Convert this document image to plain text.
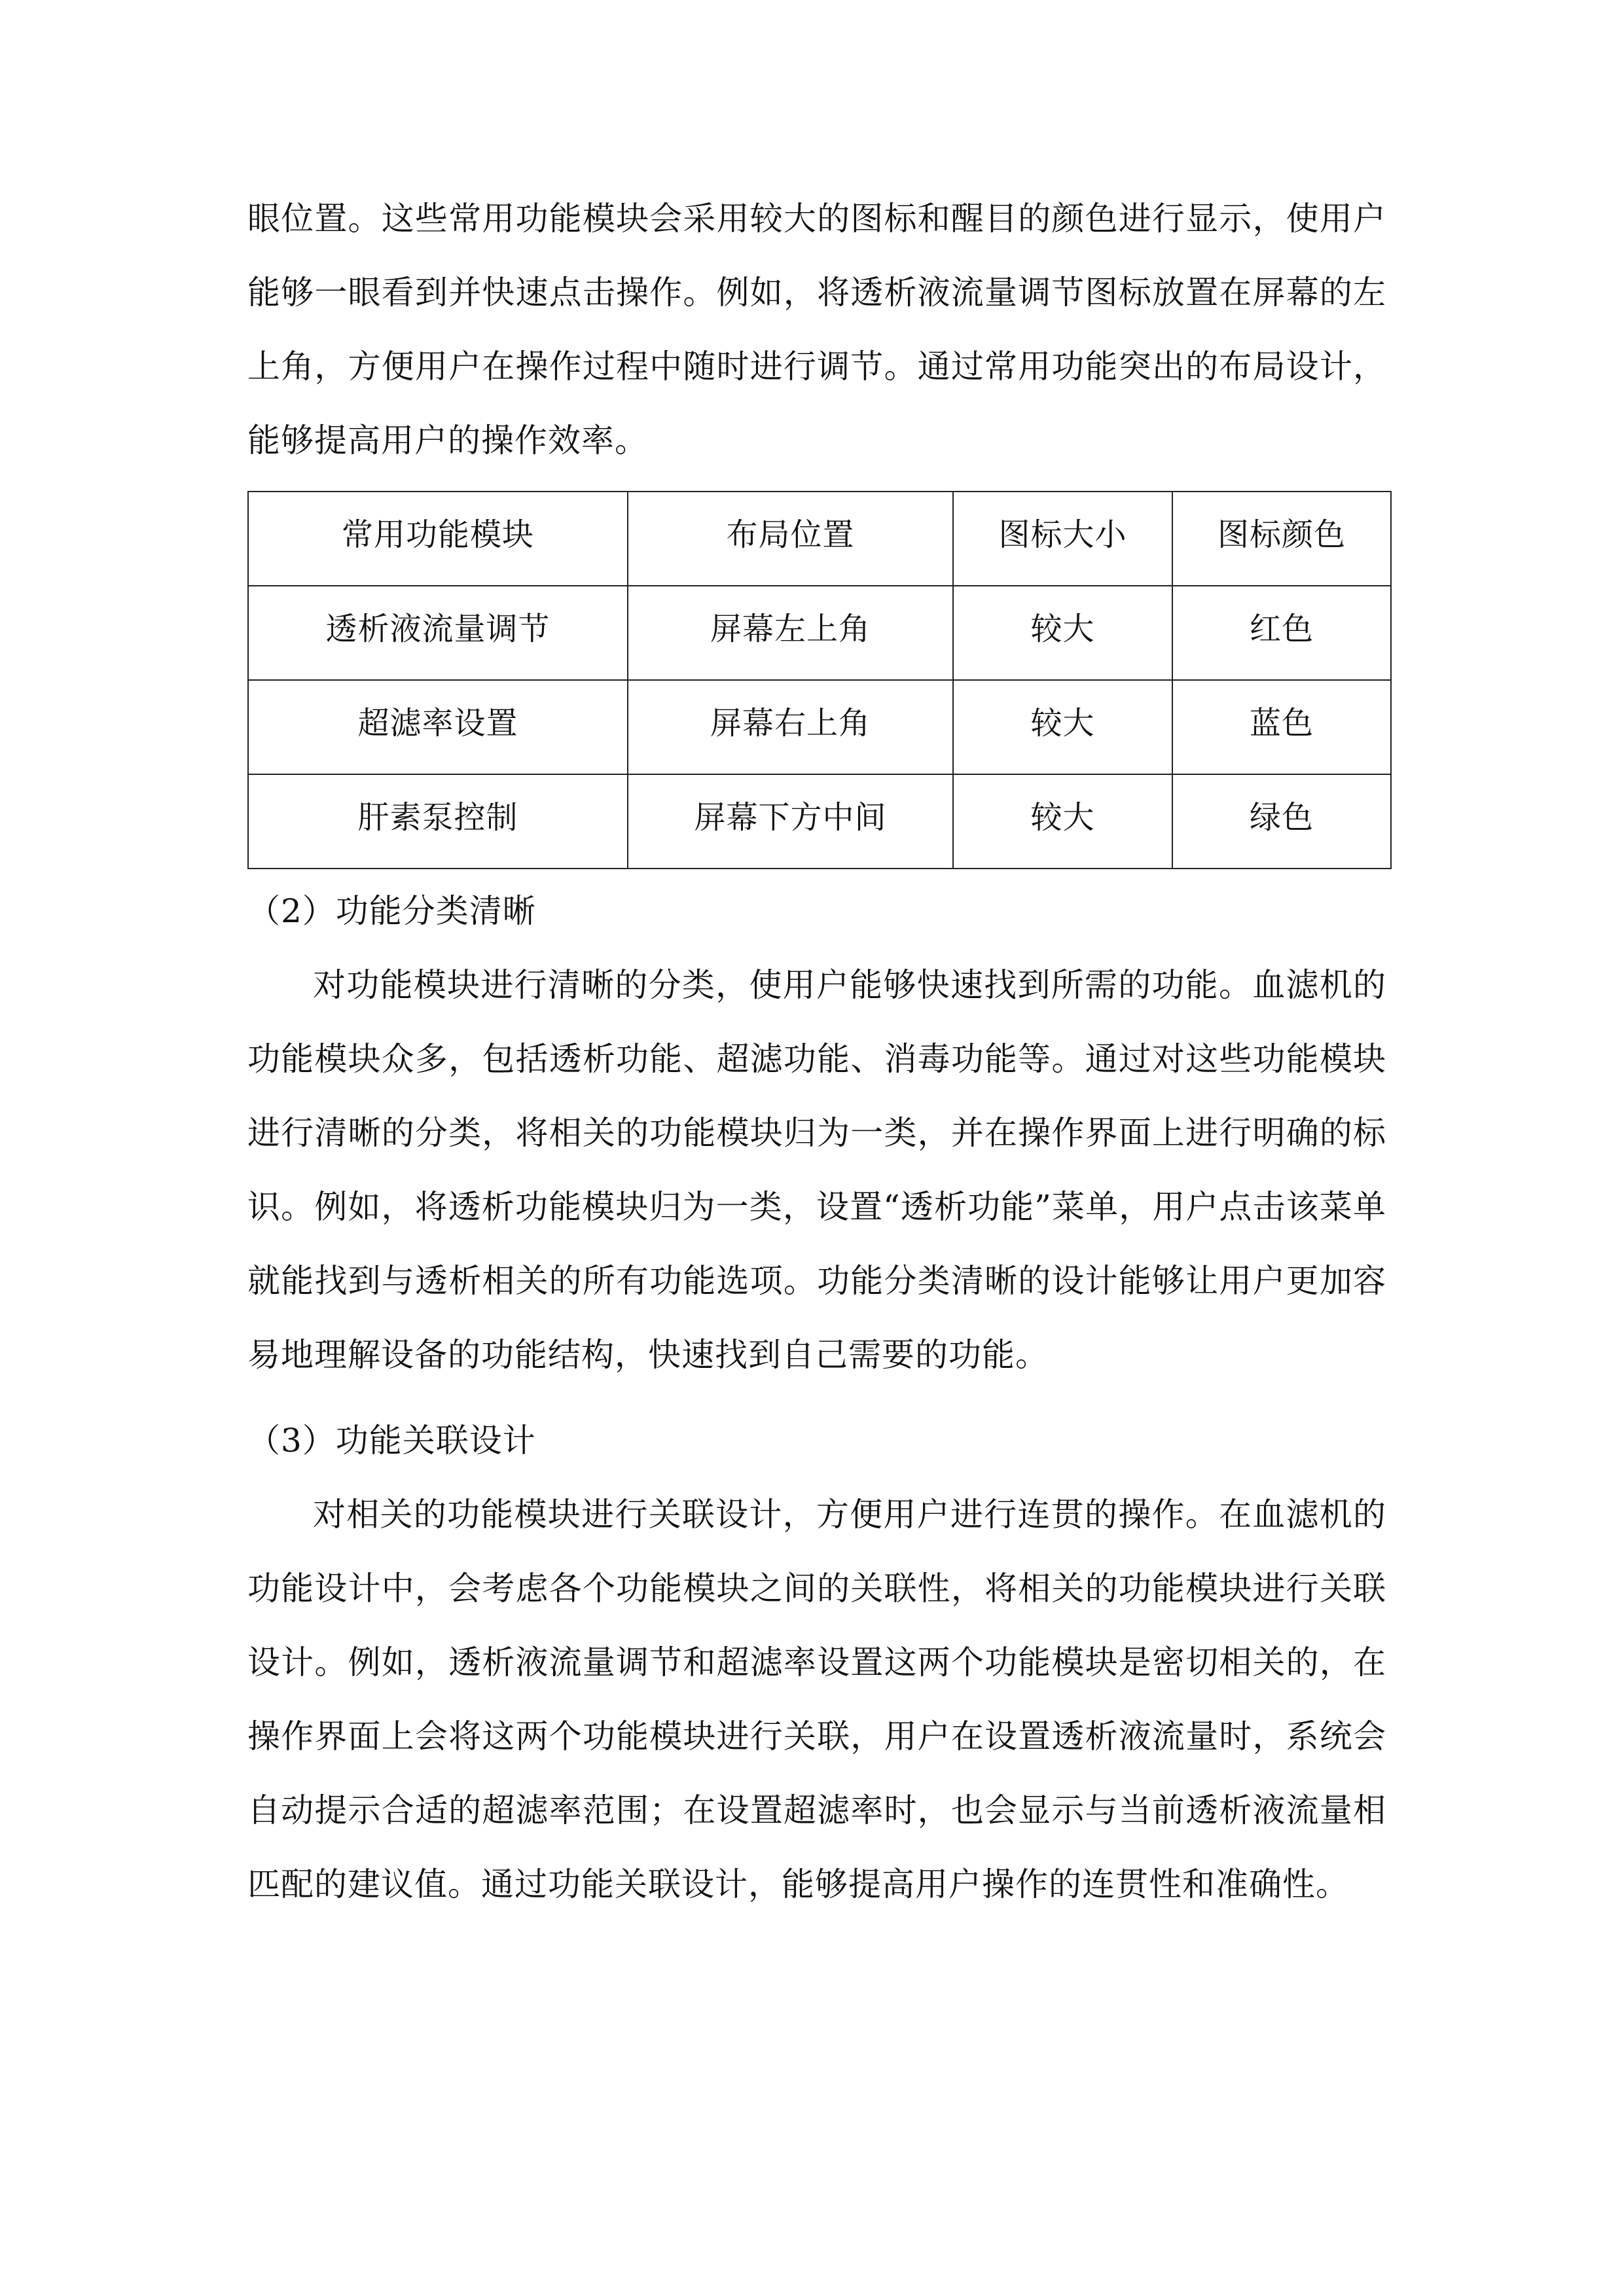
眼位置。这些常用功能模块会采用较大的图标和醒目的颜色进行显示，使用户能够一眼看到并快速点击操作。例如，将透析液流量调节图标放置在屏幕的左上角，方便用户在操作过程中随时进行调节。通过常用功能突出的布局设计，能够提高用户的操作效率。

常用功能模块	布局位置	图标大小	图标颜色
透析液流量调节	屏幕左上角	较大	红色
超滤率设置	屏幕右上角	较大	蓝色
肝素泵控制	屏幕下方中间	较大	绿色

（2）功能分类清晰

对功能模块进行清晰的分类，使用户能够快速找到所需的功能。血滤机的功能模块众多，包括透析功能、超滤功能、消毒功能等。通过对这些功能模块进行清晰的分类，将相关的功能模块归为一类，并在操作界面上进行明确的标识。例如，将透析功能模块归为一类，设置“透析功能”菜单，用户点击该菜单就能找到与透析相关的所有功能选项。功能分类清晰的设计能够让用户更加容易地理解设备的功能结构，快速找到自己需要的功能。

（3）功能关联设计

对相关的功能模块进行关联设计，方便用户进行连贯的操作。在血滤机的功能设计中，会考虑各个功能模块之间的关联性，将相关的功能模块进行关联设计。例如，透析液流量调节和超滤率设置这两个功能模块是密切相关的，在操作界面上会将这两个功能模块进行关联，用户在设置透析液流量时，系统会自动提示合适的超滤率范围；在设置超滤率时，也会显示与当前透析液流量相匹配的建议值。通过功能关联设计，能够提高用户操作的连贯性和准确性。
